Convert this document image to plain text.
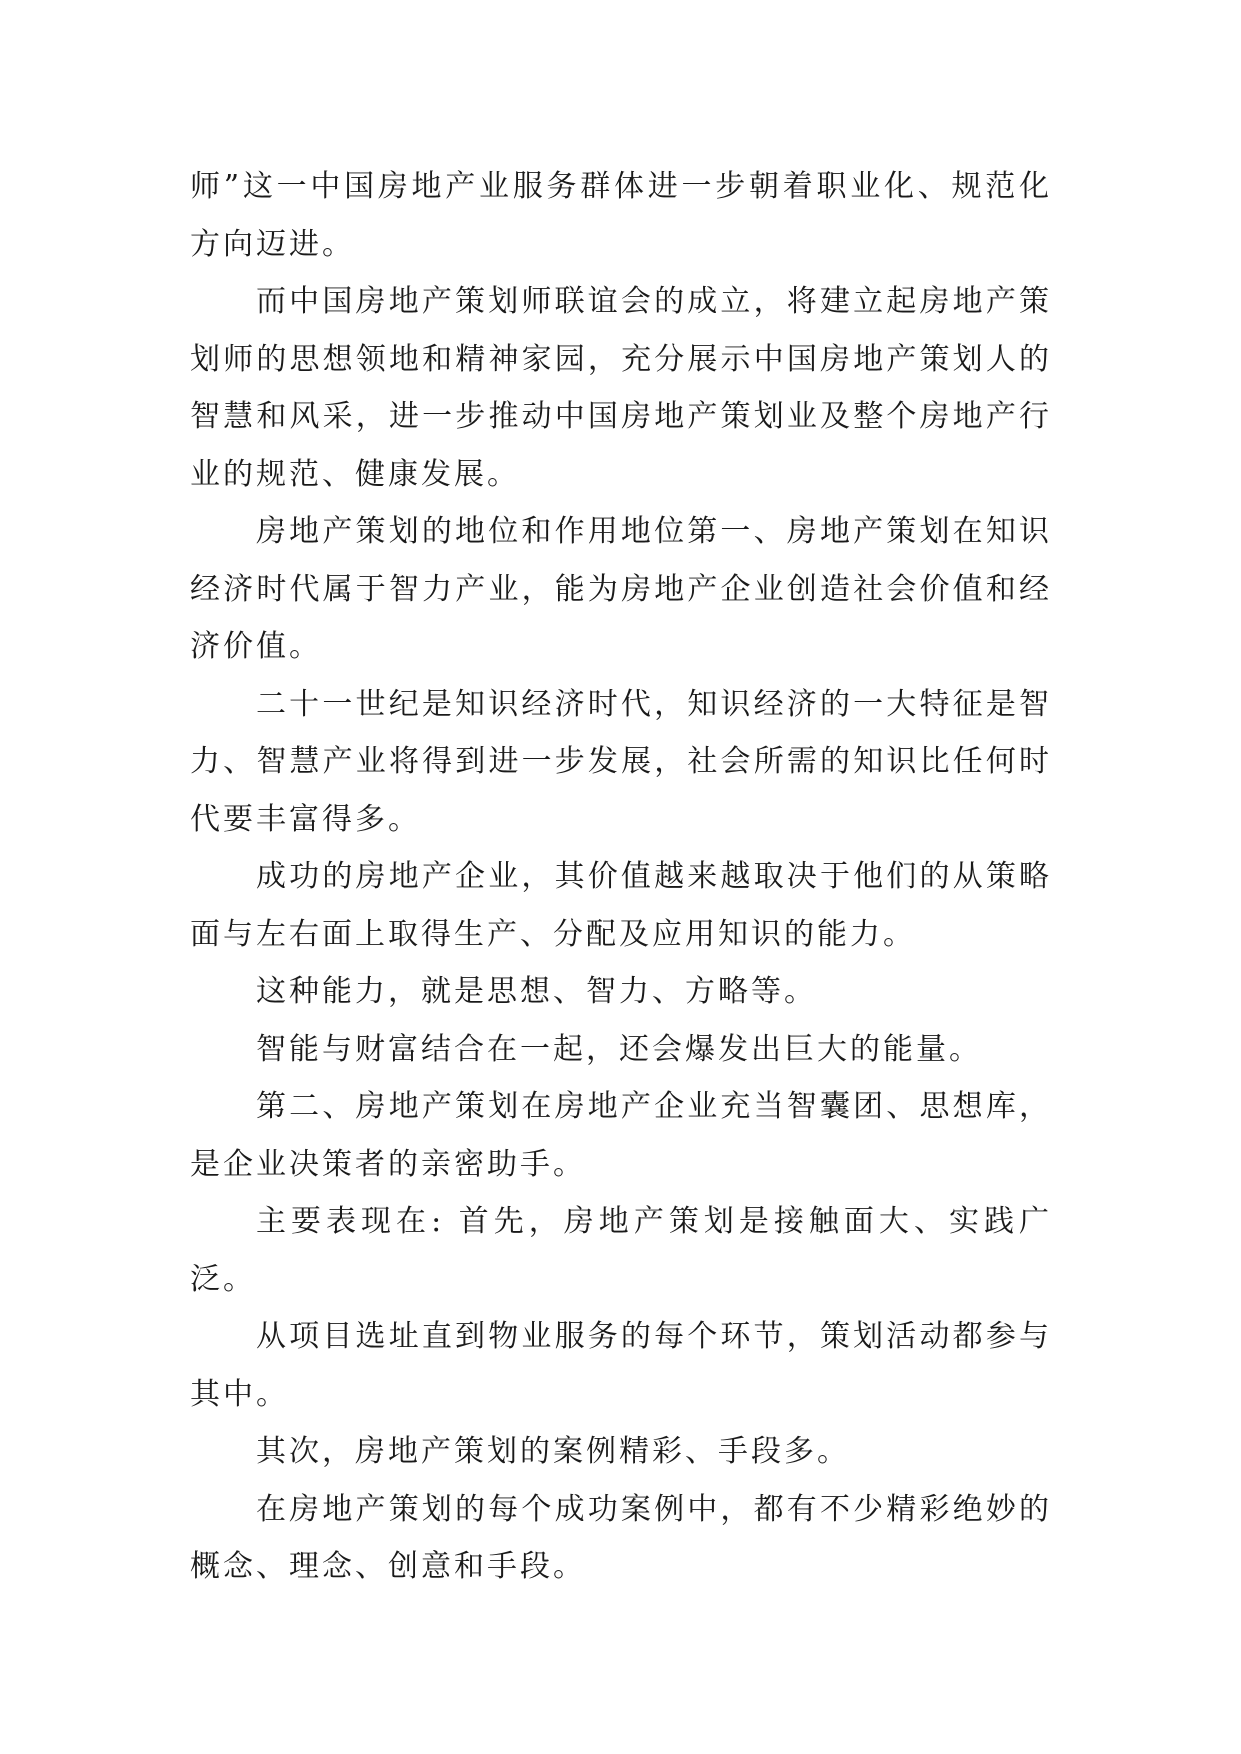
师”这一中国房地产业服务群体进一步朝着职业化、规范化方向迈进。

而中国房地产策划师联谊会的成立，将建立起房地产策划师的思想领地和精神家园，充分展示中国房地产策划人的智慧和风采，进一步推动中国房地产策划业及整个房地产行业的规范、健康发展。

房地产策划的地位和作用地位第一、房地产策划在知识经济时代属于智力产业，能为房地产企业创造社会价值和经济价值。

二十一世纪是知识经济时代，知识经济的一大特征是智力、智慧产业将得到进一步发展，社会所需的知识比任何时代要丰富得多。

成功的房地产企业，其价值越来越取决于他们的从策略面与左右面上取得生产、分配及应用知识的能力。

这种能力，就是思想、智力、方略等。

智能与财富结合在一起，还会爆发出巨大的能量。

第二、房地产策划在房地产企业充当智囊团、思想库，是企业决策者的亲密助手。

主要表现在: 首先，房地产策划是接触面大、实践广泛。

从项目选址直到物业服务的每个环节，策划活动都参与其中。

其次，房地产策划的案例精彩、手段多。

在房地产策划的每个成功案例中，都有不少精彩绝妙的概念、理念、创意和手段。
